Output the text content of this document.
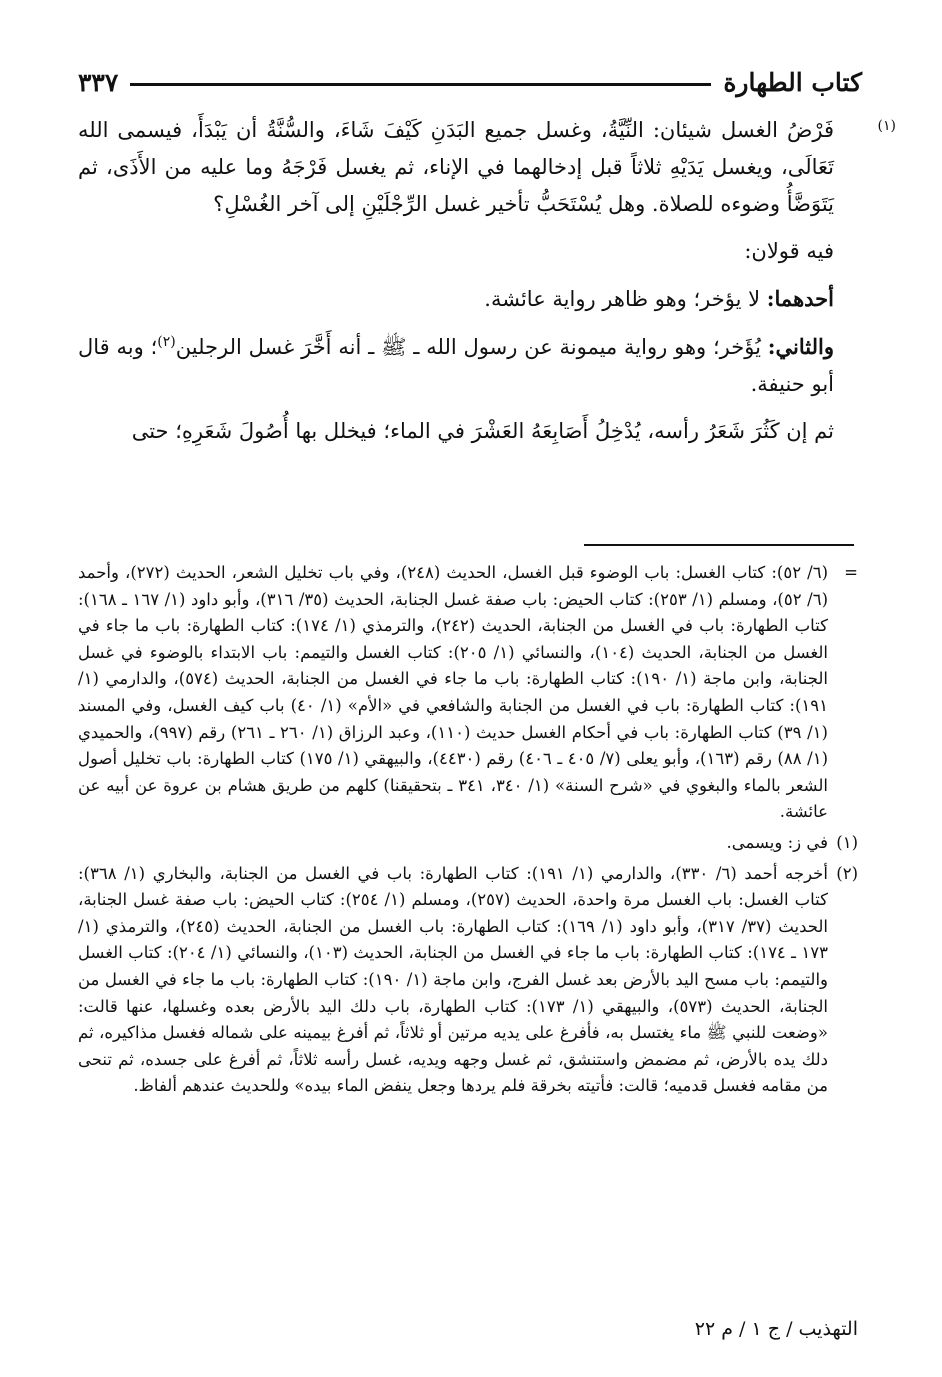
كتاب الطهارة
٣٣٧

(١)
فَرْضُ الغسل شيئان: النِّيَّةُ، وغسل جميع البَدَنِ كَيْفَ شَاءَ، والسُّنَّةُ أن يَبْدَأَ، فيسمى الله تَعَالَى، ويغسل يَدَيْهِ ثلاثاً قبل إدخالهما في الإناء، ثم يغسل فَرْجَهُ وما عليه من الأَذَى، ثم يَتَوَضَّأُ وضوءه للصلاة. وهل يُسْتَحَبُّ تأخير غسل الرِّجْلَيْنِ إلى آخر الغُسْلِ؟

فيه قولان:

أحدهما: لا يؤخر؛ وهو ظاهر رواية عائشة.

والثاني: يُؤَخر؛ وهو رواية ميمونة عن رسول الله ـ ﷺ ـ أنه أَخَّرَ غسل الرجلين$^{(٢)}$؛ وبه قال أبو حنيفة.

ثم إن كَثُرَ شَعَرُ رأسه، يُدْخِلُ أَصَابِعَهُ العَشْرَ في الماء؛ فيخلل بها أُصُولَ شَعَرِهِ؛ حتى

=
(٦/ ٥٢): كتاب الغسل: باب الوضوء قبل الغسل، الحديث (٢٤٨)، وفي باب تخليل الشعر، الحديث (٢٧٢)، وأحمد (٦/ ٥٢)، ومسلم (١/ ٢٥٣): كتاب الحيض: باب صفة غسل الجنابة، الحديث (٣٥/ ٣١٦)، وأبو داود (١/ ١٦٧ ـ ١٦٨): كتاب الطهارة: باب في الغسل من الجنابة، الحديث (٢٤٢)، والترمذي (١/ ١٧٤): كتاب الطهارة: باب ما جاء في الغسل من الجنابة، الحديث (١٠٤)، والنسائي (١/ ٢٠٥): كتاب الغسل والتيمم: باب الابتداء بالوضوء في غسل الجنابة، وابن ماجة (١/ ١٩٠): كتاب الطهارة: باب ما جاء في الغسل من الجنابة، الحديث (٥٧٤)، والدارمي (١/ ١٩١): كتاب الطهارة: باب في الغسل من الجنابة والشافعي في «الأم» (١/ ٤٠) باب كيف الغسل، وفي المسند (١/ ٣٩) كتاب الطهارة: باب في أحكام الغسل حديث (١١٠)، وعبد الرزاق (١/ ٢٦٠ ـ ٢٦١) رقم (٩٩٧)، والحميدي (١/ ٨٨) رقم (١٦٣)، وأبو يعلى (٧/ ٤٠٥ ـ ٤٠٦) رقم (٤٤٣٠)، والبيهقي (١/ ١٧٥) كتاب الطهارة: باب تخليل أصول الشعر بالماء والبغوي في «شرح السنة» (١/ ٣٤٠، ٣٤١ ـ بتحقيقنا) كلهم من طريق هشام بن عروة عن أبيه عن عائشة.

(١)
في ز: ويسمى.

(٢)
أخرجه أحمد (٦/ ٣٣٠)، والدارمي (١/ ١٩١): كتاب الطهارة: باب في الغسل من الجنابة، والبخاري (١/ ٣٦٨): كتاب الغسل: باب الغسل مرة واحدة، الحديث (٢٥٧)، ومسلم (١/ ٢٥٤): كتاب الحيض: باب صفة غسل الجنابة، الحديث (٣٧/ ٣١٧)، وأبو داود (١/ ١٦٩): كتاب الطهارة: باب الغسل من الجنابة، الحديث (٢٤٥)، والترمذي (١/ ١٧٣ ـ ١٧٤): كتاب الطهارة: باب ما جاء في الغسل من الجنابة، الحديث (١٠٣)، والنسائي (١/ ٢٠٤): كتاب الغسل والتيمم: باب مسح اليد بالأرض بعد غسل الفرج، وابن ماجة (١/ ١٩٠): كتاب الطهارة: باب ما جاء في الغسل من الجنابة، الحديث (٥٧٣)، والبيهقي (١/ ١٧٣): كتاب الطهارة، باب دلك اليد بالأرض بعده وغسلها، عنها قالت: «وضعت للنبي ﷺ ماء يغتسل به، فأفرغ على يديه مرتين أو ثلاثاً، ثم أفرغ بيمينه على شماله فغسل مذاكيره، ثم دلك يده بالأرض، ثم مضمض واستنشق، ثم غسل وجهه ويديه، غسل رأسه ثلاثاً، ثم أفرغ على جسده، ثم تنحى من مقامه فغسل قدميه؛ قالت: فأتيته بخرقة فلم يردها وجعل ينفض الماء بيده» وللحديث عندهم ألفاظ.

التهذيب / ج ١ / م ٢٢
